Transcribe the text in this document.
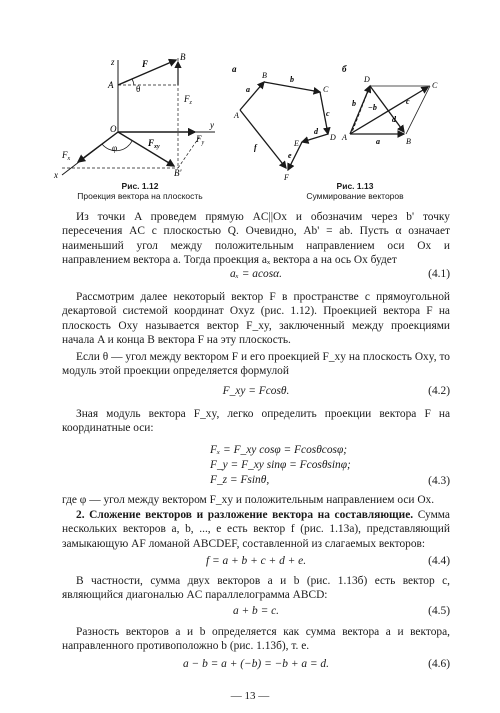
z
y
x
O
A
B
B'
F
θ
φ	$F_{xy}$
$F_z$
$F_y$
$F_x$
Рис. 1.12
Проекция вектора на плоскость
а
A
B
C
D
E
F
a
b
c
d
e
f
б
A	B
C
D
a
b −b
c
d
Рис. 1.13
Суммирование векторов
Из точки A проведем прямую AC||Ox и обозначим через b' точку пересечения AC с плоскостью Q. Очевидно, Ab' = ab. Пусть α означает наименьший угол между положительным направлением оси Ox и направлением вектора a. Тогда проекция aₓ вектора a на ось Ox будет
aₓ = acosα.	(4.1)
Рассмотрим далее некоторый вектор F в пространстве с прямоугольной декартовой системой координат Oxyz (рис. 1.12). Проекцией вектора F на плоскость Oxy называется вектор F_xy, заключенный между проекциями начала A и конца B вектора F на эту плоскость.
Если θ — угол между вектором F и его проекцией F_xy на плоскость Oxy, то модуль этой проекции определяется формулой
F_xy = Fcosθ.	(4.2)
Зная модуль вектора F_xy, легко определить проекции вектора F на координатные оси:
Fₓ = F_xy cosφ = Fcosθcosφ;
F_y = F_xy sinφ = Fcosθsinφ;
F_z = Fsinθ,	(4.3)
где φ — угол между вектором F_xy и положительным направлением оси Ox.
2. Сложение векторов и разложение вектора на составляющие. Сумма нескольких векторов a, b, ..., e есть вектор f (рис. 1.13а), представляющий замыкающую AF ломаной ABCDEF, составленной из слагаемых векторов:
f = a + b + c + d + e.	(4.4)
В частности, сумма двух векторов a и b (рис. 1.13б) есть вектор c, являющийся диагональю AC параллелограмма ABCD:
a + b = c.	(4.5)
Разность векторов a и b определяется как сумма вектора a и вектора, направленного противоположно b (рис. 1.13б), т. е.
a − b = a + (−b) = −b + a = d.	(4.6)
— 13 —
